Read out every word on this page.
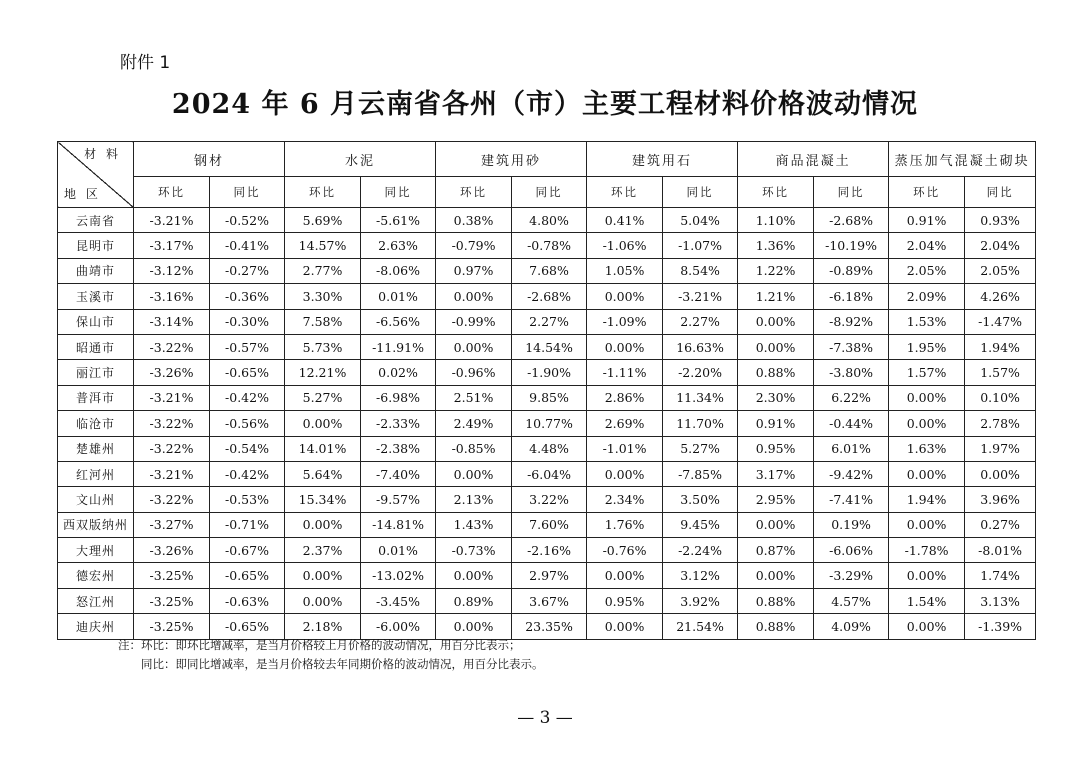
附件 1
2024 年 6 月云南省各州（市）主要工程材料价格波动情况
材 料
地 区	钢材		水泥		建筑用砂		建筑用石		商品混凝土		蒸压加气混凝土砌块	
	环比	同比	环比	同比	环比	同比	环比	同比	环比	同比	环比	同比
云南省	-3.21%	-0.52%	5.69%	-5.61%	0.38%	4.80%	0.41%	5.04%	1.10%	-2.68%	0.91%	0.93%
昆明市	-3.17%	-0.41%	14.57%	2.63%	-0.79%	-0.78%	-1.06%	-1.07%	1.36%	-10.19%	2.04%	2.04%
曲靖市	-3.12%	-0.27%	2.77%	-8.06%	0.97%	7.68%	1.05%	8.54%	1.22%	-0.89%	2.05%	2.05%
玉溪市	-3.16%	-0.36%	3.30%	0.01%	0.00%	-2.68%	0.00%	-3.21%	1.21%	-6.18%	2.09%	4.26%
保山市	-3.14%	-0.30%	7.58%	-6.56%	-0.99%	2.27%	-1.09%	2.27%	0.00%	-8.92%	1.53%	-1.47%
昭通市	-3.22%	-0.57%	5.73%	-11.91%	0.00%	14.54%	0.00%	16.63%	0.00%	-7.38%	1.95%	1.94%
丽江市	-3.26%	-0.65%	12.21%	0.02%	-0.96%	-1.90%	-1.11%	-2.20%	0.88%	-3.80%	1.57%	1.57%
普洱市	-3.21%	-0.42%	5.27%	-6.98%	2.51%	9.85%	2.86%	11.34%	2.30%	6.22%	0.00%	0.10%
临沧市	-3.22%	-0.56%	0.00%	-2.33%	2.49%	10.77%	2.69%	11.70%	0.91%	-0.44%	0.00%	2.78%
楚雄州	-3.22%	-0.54%	14.01%	-2.38%	-0.85%	4.48%	-1.01%	5.27%	0.95%	6.01%	1.63%	1.97%
红河州	-3.21%	-0.42%	5.64%	-7.40%	0.00%	-6.04%	0.00%	-7.85%	3.17%	-9.42%	0.00%	0.00%
文山州	-3.22%	-0.53%	15.34%	-9.57%	2.13%	3.22%	2.34%	3.50%	2.95%	-7.41%	1.94%	3.96%
西双版纳州	-3.27%	-0.71%	0.00%	-14.81%	1.43%	7.60%	1.76%	9.45%	0.00%	0.19%	0.00%	0.27%
大理州	-3.26%	-0.67%	2.37%	0.01%	-0.73%	-2.16%	-0.76%	-2.24%	0.87%	-6.06%	-1.78%	-8.01%
德宏州	-3.25%	-0.65%	0.00%	-13.02%	0.00%	2.97%	0.00%	3.12%	0.00%	-3.29%	0.00%	1.74%
怒江州	-3.25%	-0.63%	0.00%	-3.45%	0.89%	3.67%	0.95%	3.92%	0.88%	4.57%	1.54%	3.13%
迪庆州	-3.25%	-0.65%	2.18%	-6.00%	0.00%	23.35%	0.00%	21.54%	0.88%	4.09%	0.00%	-1.39%
注：环比：即环比增减率，是当月价格较上月价格的波动情况，用百分比表示；
同比：即同比增减率，是当月价格较去年同期价格的波动情况，用百分比表示。
— 3 —
